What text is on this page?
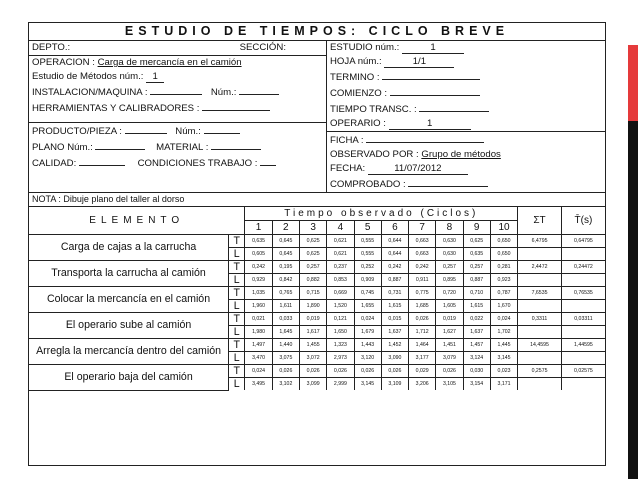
ESTUDIO DE TIEMPOS: CICLO BREVE
DEPTO.:	SECCIÓN:
OPERACION : Carga de mercancía en el camión
Estudio de Métodos núm.: 1
INSTALACION/MAQUINA :	Núm.:
HERRAMIENTAS Y CALIBRADORES :
PRODUCTO/PIEZA :	Núm.:
PLANO Núm.:	MATERIAL :
CALIDAD:	CONDICIONES TRABAJO :
ESTUDIO núm.:	1
HOJA núm.:	1/1
TERMINO :
COMIENZO :
TIEMPO TRANSC. :
OPERARIO :	1
FICHA :
OBSERVADO POR : Grupo de métodos
FECHA:	11/07/2012
COMPROBADO :
NOTA : Dibuje plano del taller al dorso
ELEMENTO		Tiempo observado (Ciclos)										ΣT	T̄(s)
		1	2	3	4	5	6	7	8	9	10		
Carga de cajas a la carrucha	T	0,635	0,645	0,625	0,621	0,555	0,644	0,663	0,630	0,625	0,650	6,4795	0,64795
	L	0,605	0,645	0,625	0,621	0,555	0,644	0,663	0,630	0,635	0,650		
Transporta la carrucha al camión	T	0,242	0,195	0,257	0,237	0,252	0,242	0,242	0,257	0,257	0,281	2,4472	0,24472
	L	0,929	0,842	0,882	0,853	0,909	0,887	0,911	0,895	0,887	0,923		
Colocar la mercancía en el camión	T	1,035	0,765	0,715	0,669	0,745	0,731	0,775	0,720	0,710	0,787	7,6535	0,76535
	L	1,960	1,611	1,890	1,520	1,655	1,615	1,685	1,605	1,615	1,670		
El operario sube al camión	T	0,021	0,033	0,019	0,121	0,024	0,015	0,026	0,019	0,022	0,024	0,3311	0,03311
	L	1,980	1,645	1,617	1,650	1,679	1,637	1,712	1,627	1,637	1,702		
Arregla la mercancía dentro del camión	T	1,497	1,440	1,455	1,323	1,443	1,452	1,464	1,451	1,457	1,445	14,4595	1,44595
	L	3,470	3,075	3,072	2,973	3,120	3,090	3,177	3,079	3,124	3,145		
El operario baja del camión	T	0,024	0,026	0,026	0,026	0,026	0,026	0,029	0,026	0,030	0,023	0,2575	0,02575
	L	3,495	3,102	3,099	2,999	3,145	3,109	3,206	3,105	3,154	3,171		
